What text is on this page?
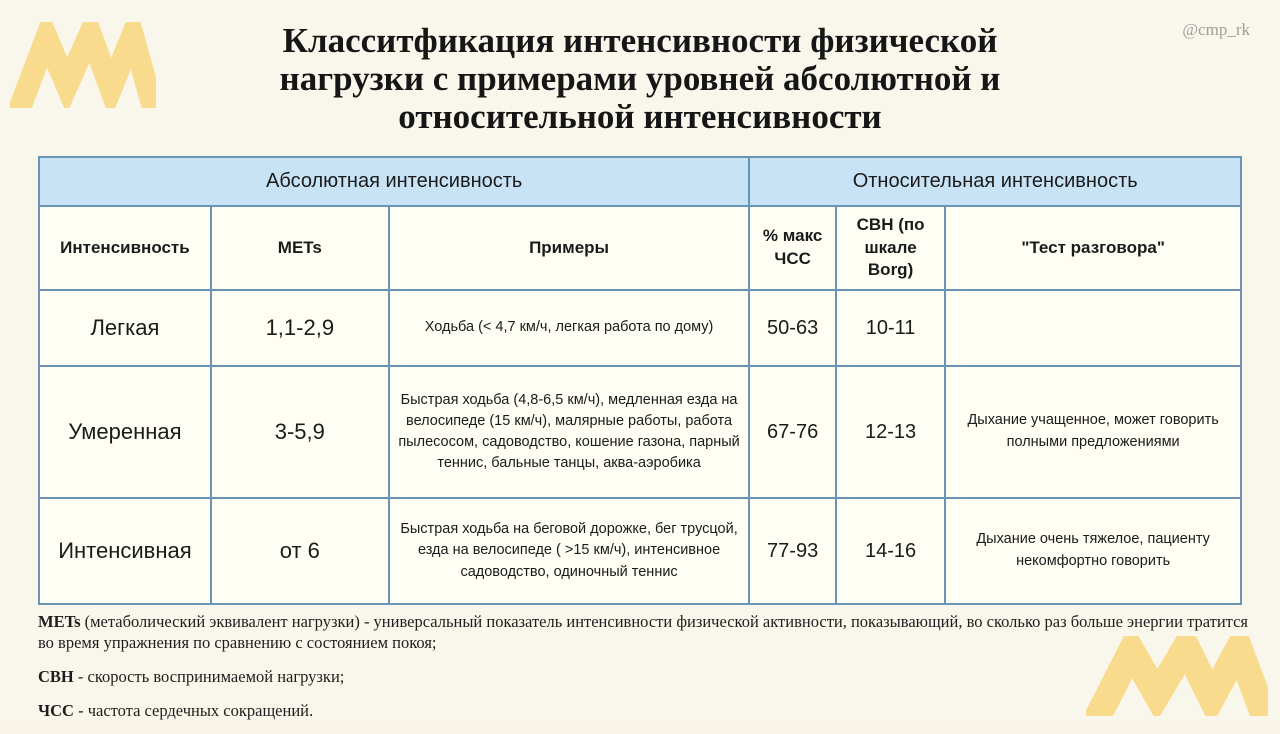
@cmp_rk
Класситфикация интенсивности физической
нагрузки с примерами уровней абсолютной и
относительной интенсивности
Абсолютная интенсивность			Относительная интенсивность		
Интенсивность	METs	Примеры	% макс ЧСС	СВН (по шкале Borg)	"Тест разговора"
Легкая	1,1-2,9	Ходьба (< 4,7 км/ч, легкая работа по дому)	50-63	10-11	
Умеренная	3-5,9	Быстрая ходьба (4,8-6,5 км/ч), медленная езда на велосипеде (15 км/ч), малярные работы, работа пылесосом, садоводство, кошение газона, парный теннис, бальные танцы, аква-аэробика	67-76	12-13	Дыхание учащенное, может говорить полными предложениями
Интенсивная	от 6	Быстрая ходьба на беговой дорожке, бег трусцой, езда на велосипеде ( >15 км/ч), интенсивное садоводство, одиночный теннис	77-93	14-16	Дыхание очень тяжелое, пациенту некомфортно говорить

METs (метаболический эквивалент нагрузки) - универсальный показатель интенсивности физической активности, показывающий, во сколько раз больше энергии тратится во время упражнения по сравнению с состоянием покоя;

СВН - скорость воспринимаемой нагрузки;

ЧСС - частота сердечных сокращений.
